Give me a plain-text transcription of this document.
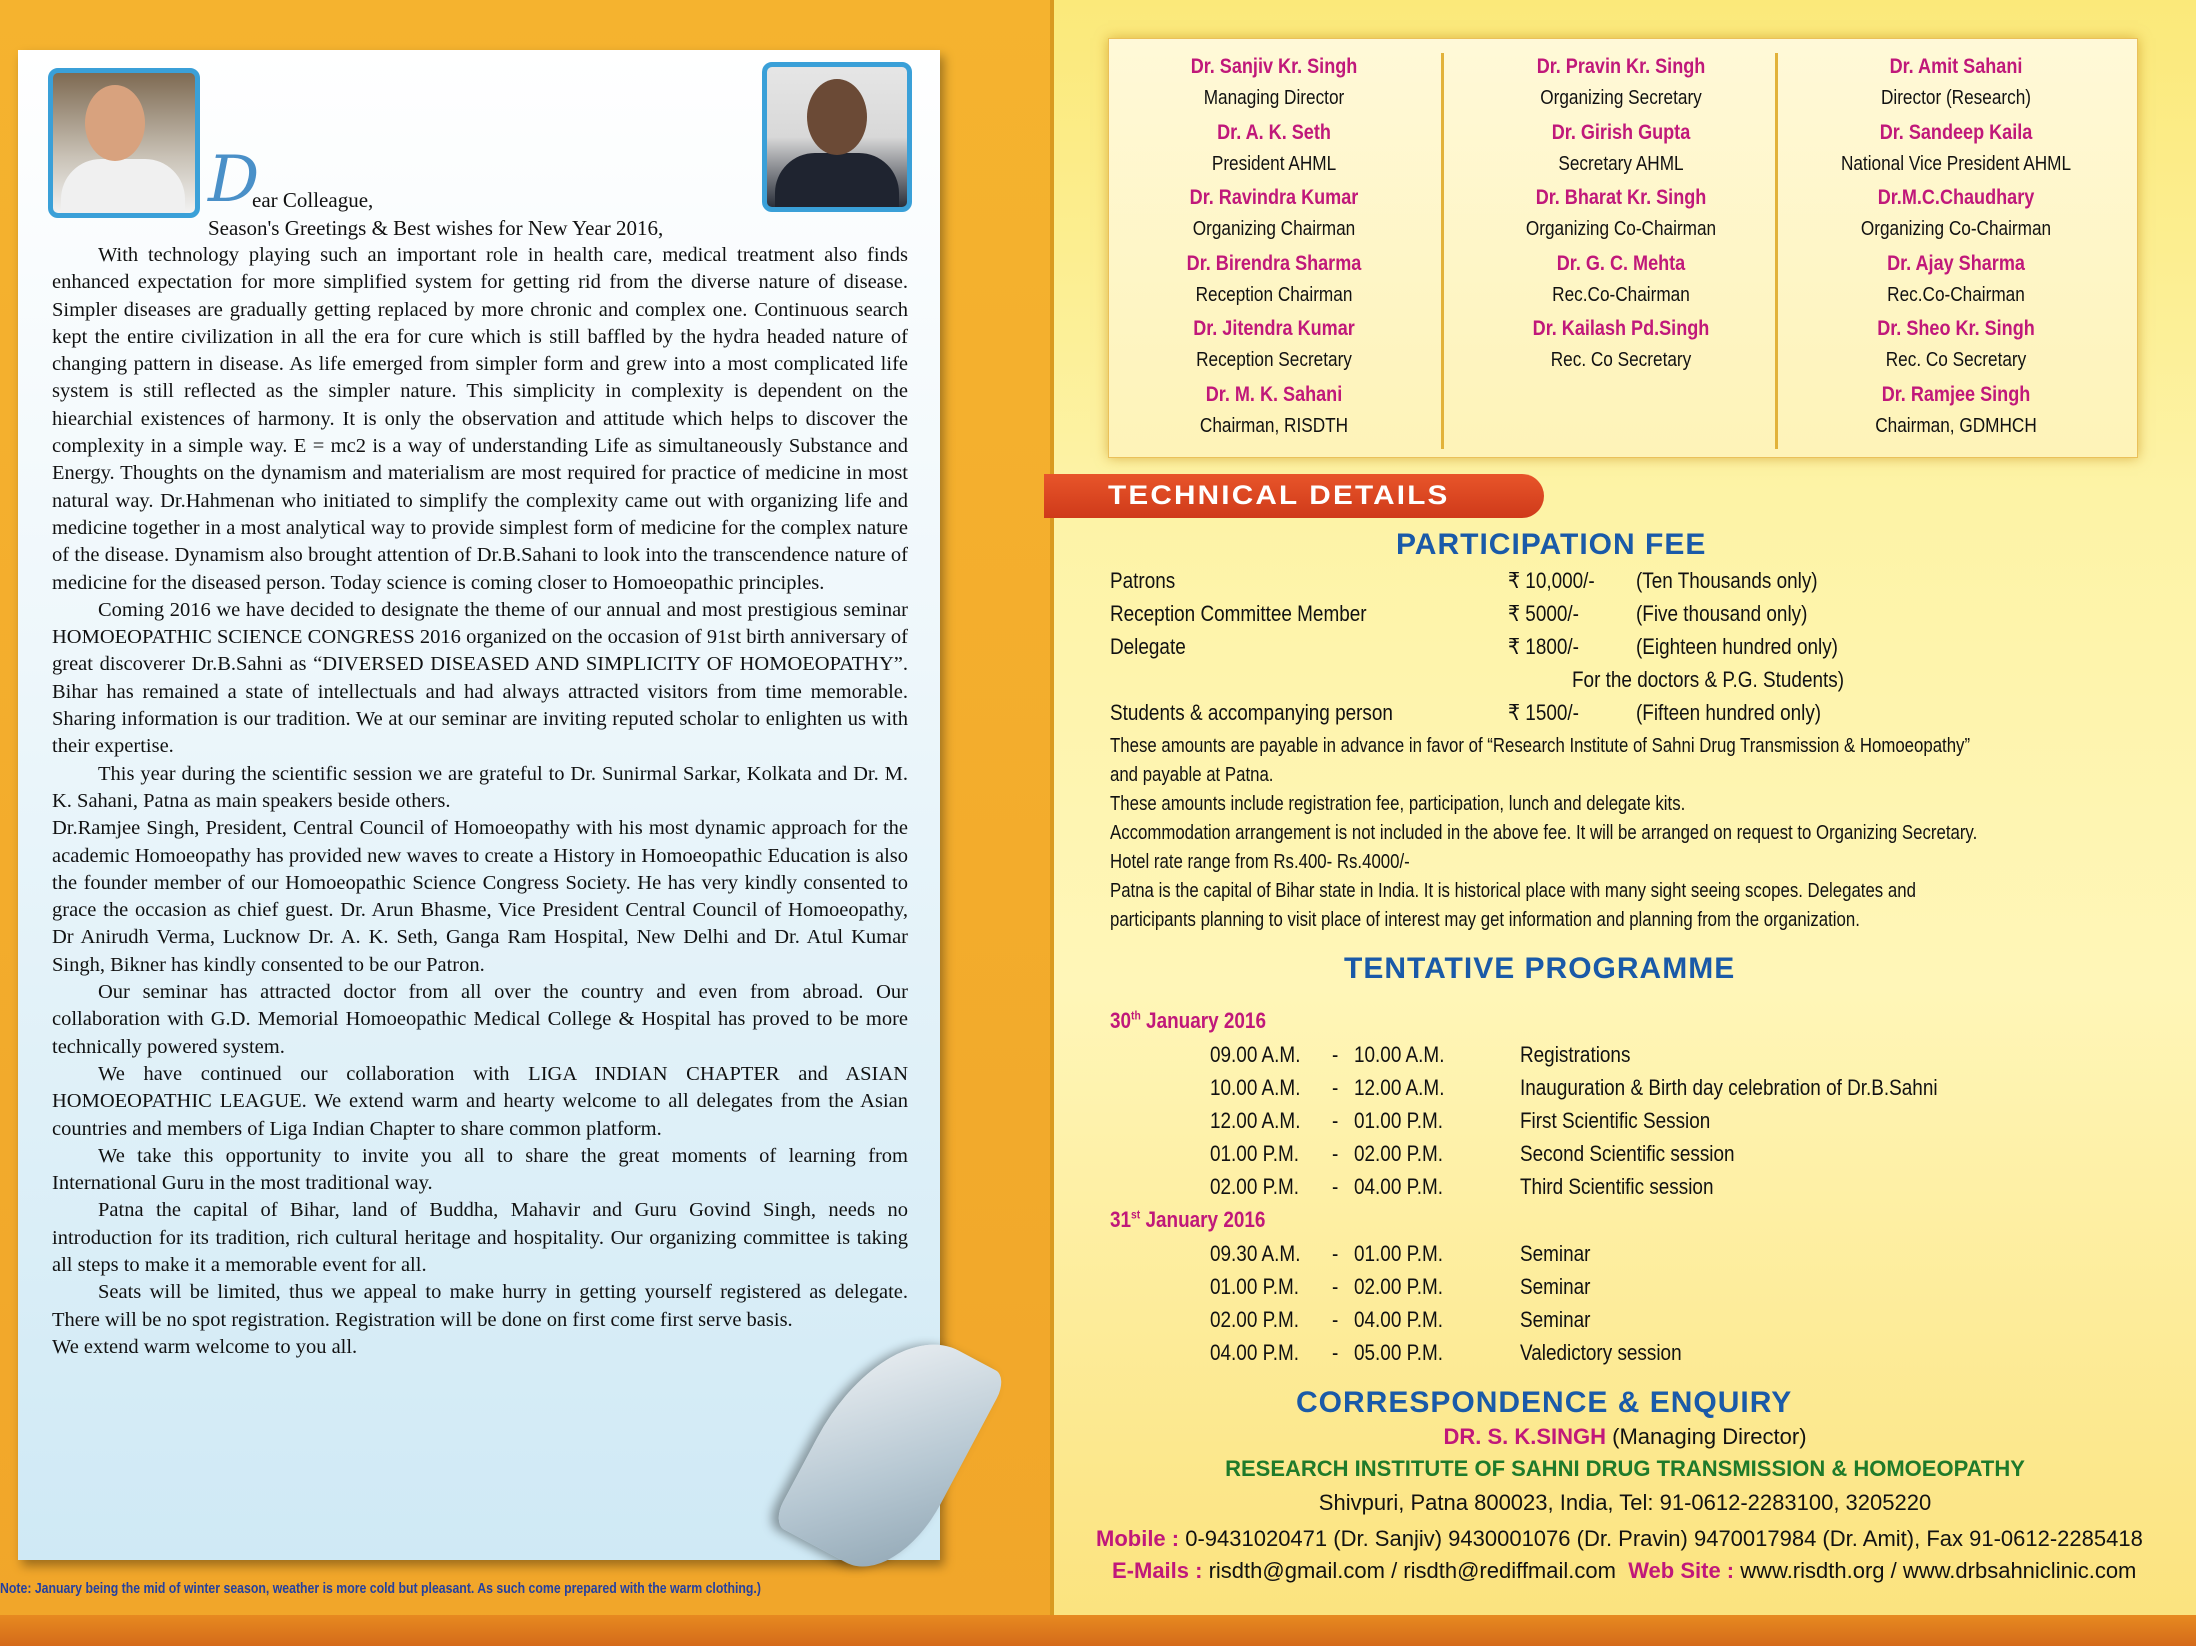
D
ear Colleague,
Season's Greetings & Best wishes for New Year 2016,

With technology playing such an important role in health care, medical treatment also finds enhanced expectation for more simplified system for getting rid from the diverse nature of disease. Simpler diseases are gradually getting replaced by more chronic and complex one. Continuous search kept the entire civilization in all the era for cure which is still baffled by the hydra headed nature of changing pattern in disease. As life emerged from simpler form and grew into a most complicated life system is still reflected as the simpler nature. This simplicity in complexity is dependent on the hiearchial existences of harmony. It is only the observation and attitude which helps to discover the complexity in a simple way. E = mc2 is a way of understanding Life as simultaneously Substance and Energy. Thoughts on the dynamism and materialism are most required for practice of medicine in most natural way. Dr.Hahmenan who initiated to simplify the complexity came out with organizing life and medicine together in a most analytical way to provide simplest form of medicine for the complex nature of the disease. Dynamism also brought attention of Dr.B.Sahani to look into the transcendence nature of medicine for the diseased person. Today science is coming closer to Homoeopathic principles.

Coming 2016 we have decided to designate the theme of our annual and most prestigious seminar HOMOEOPATHIC SCIENCE CONGRESS 2016 organized on the occasion of 91st birth anniversary of great discoverer Dr.B.Sahni as “DIVERSED DISEASED AND SIMPLICITY OF HOMOEOPATHY”. Bihar has remained a state of intellectuals and had always attracted visitors from time memorable. Sharing information is our tradition. We at our seminar are inviting reputed scholar to enlighten us with their expertise.

This year during the scientific session we are grateful to Dr. Sunirmal Sarkar, Kolkata and Dr. M. K. Sahani, Patna as main speakers beside others.

Dr.Ramjee Singh, President, Central Council of Homoeopathy with his most dynamic approach for the academic Homoeopathy has provided new waves to create a History in Homoeopathic Education is also the founder member of our Homoeopathic Science Congress Society. He has very kindly consented to grace the occasion as chief guest. Dr. Arun Bhasme, Vice President Central Council of Homoeopathy, Dr Anirudh Verma, Lucknow Dr. A. K. Seth, Ganga Ram Hospital, New Delhi and Dr. Atul Kumar Singh, Bikner has kindly consented to be our Patron.

Our seminar has attracted doctor from all over the country and even from abroad. Our collaboration with G.D. Memorial Homoeopathic Medical College & Hospital has proved to be more technically powered system.

We have continued our collaboration with LIGA INDIAN CHAPTER and ASIAN HOMOEOPATHIC LEAGUE. We extend warm and hearty welcome to all delegates from the Asian countries and members of Liga Indian Chapter to share common platform.

We take this opportunity to invite you all to share the great moments of learning from International Guru in the most traditional way.

Patna the capital of Bihar, land of Buddha, Mahavir and Guru Govind Singh, needs no introduction for its tradition, rich cultural heritage and hospitality. Our organizing committee is taking all steps to make it a memorable event for all.

Seats will be limited, thus we appeal to make hurry in getting yourself registered as delegate. There will be no spot registration. Registration will be done on first come first serve basis.

We extend warm welcome to you all.

Note: January being the mid of winter season, weather is more cold but pleasant. As such come prepared with the warm clothing.)
Dr. Sanjiv Kr. Singh
Managing Director
Dr. A. K. Seth
President AHML
Dr. Ravindra Kumar
Organizing Chairman
Dr. Birendra Sharma
Reception Chairman
Dr. Jitendra Kumar
Reception Secretary
Dr. M. K. Sahani
Chairman, RISDTH
Dr. Pravin Kr. Singh
Organizing Secretary
Dr. Girish Gupta
Secretary AHML
Dr. Bharat Kr. Singh
Organizing Co-Chairman
Dr. G. C. Mehta
Rec.Co-Chairman
Dr. Kailash Pd.Singh
Rec. Co Secretary
Dr. Amit Sahani
Director (Research)
Dr. Sandeep Kaila
National Vice President AHML
Dr.M.C.Chaudhary
Organizing Co-Chairman
Dr. Ajay Sharma
Rec.Co-Chairman
Dr. Sheo Kr. Singh
Rec. Co Secretary
Dr. Ramjee Singh
Chairman, GDMHCH
TECHNICAL DETAILS
PARTICIPATION FEE
Patrons	₹ 10,000/- (Ten Thousands only)
Reception Committee Member	₹ 5000/-	(Five thousand only)
Delegate	₹ 1800/-	(Eighteen hundred only)
For the doctors & P.G. Students)
Students & accompanying person	₹ 1500/-	(Fifteen hundred only)
These amounts are payable in advance in favor of “Research Institute of Sahni Drug Transmission & Homoeopathy”
and payable at Patna.
These amounts include registration fee, participation, lunch and delegate kits.
Accommodation arrangement is not included in the above fee. It will be arranged on request to Organizing Secretary.
Hotel rate range from Rs.400- Rs.4000/-
Patna is the capital of Bihar state in India. It is historical place with many sight seeing scopes. Delegates and
participants planning to visit place of interest may get information and planning from the organization.
TENTATIVE PROGRAMME
30th January 2016
09.00 A.M. - 10.00 A.M.	Registrations
10.00 A.M. - 12.00 A.M.	Inauguration & Birth day celebration of Dr.B.Sahni
12.00 A.M. - 01.00 P.M.	First Scientific Session
01.00 P.M. - 02.00 P.M.	Second Scientific session
02.00 P.M. - 04.00 P.M.	Third Scientific session
31st January 2016
09.30 A.M. - 01.00 P.M.	Seminar
01.00 P.M. - 02.00 P.M.	Seminar
02.00 P.M. - 04.00 P.M.	Seminar
04.00 P.M. - 05.00 P.M.	Valedictory session
CORRESPONDENCE & ENQUIRY
DR. S. K.SINGH (Managing Director)
RESEARCH INSTITUTE OF SAHNI DRUG TRANSMISSION & HOMOEOPATHY
Shivpuri, Patna 800023, India, Tel: 91-0612-2283100, 3205220
Mobile : 0-9431020471 (Dr. Sanjiv) 9430001076 (Dr. Pravin) 9470017984 (Dr. Amit), Fax 91-0612-2285418
E-Mails : risdth@gmail.com / risdth@rediffmail.com Web Site : www.risdth.org / www.drbsahniclinic.com
